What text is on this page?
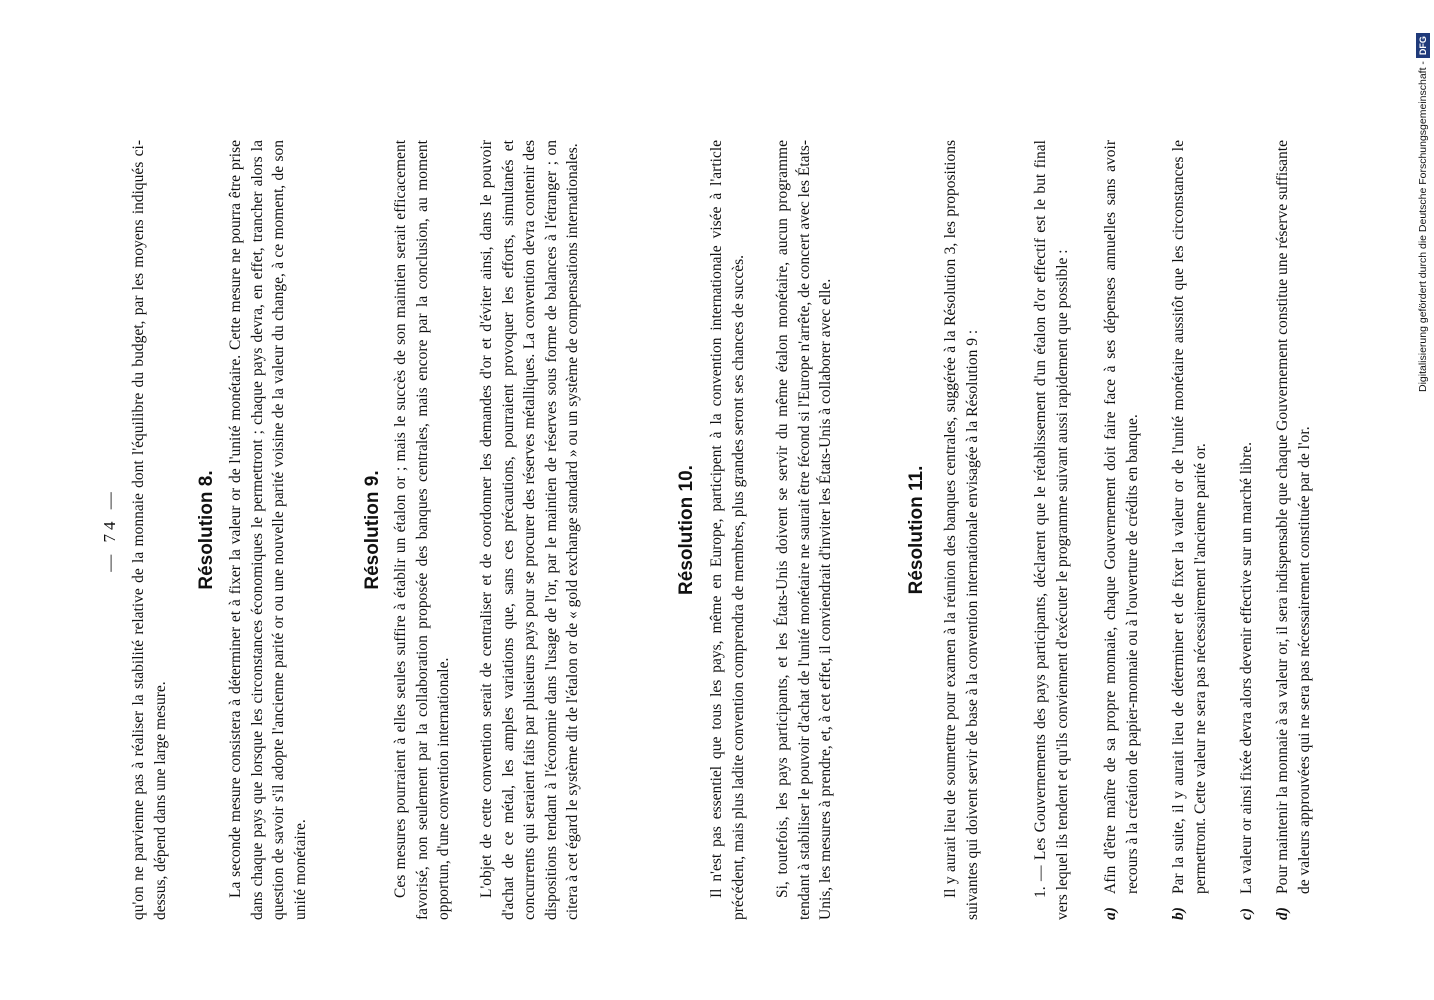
— 74 — qu'on ne parvienne pas à réaliser la stabilité relative de la monnaie dont l'équilibre du budget, par les moyens indiqués ci-dessus, dépend dans une large mesure.

Résolution 8. La seconde mesure consistera à déterminer et à fixer la valeur or de l'unité monétaire. Cette mesure ne pourra être prise dans chaque pays que lorsque les circonstances économiques le permettront ; chaque pays devra, en effet, trancher alors la question de savoir s'il adopte l'ancienne parité or ou une nouvelle parité voisine de la valeur du change, à ce moment, de son unité monétaire.

Résolution 9. Ces mesures pourraient à elles seules suffire à établir un étalon or ; mais le succès de son maintien serait efficacement favorisé, non seulement par la collaboration proposée des banques centrales, mais encore par la conclusion, au moment opportun, d'une convention internationale. L'objet de cette convention serait de centraliser et de coordonner les demandes d'or et d'éviter ainsi, dans le pouvoir d'achat de ce métal, les amples variations que, sans ces précautions, pourraient provoquer les efforts, simultanés et concurrents qui seraient faits par plusieurs pays pour se procurer des réserves métalliques. La convention devra contenir des dispositions tendant à l'économie dans l'usage de l'or, par le maintien de réserves sous forme de balances à l'étranger ; on citera à cet égard le système dit de l'étalon or de « gold exchange standard » ou un système de compensations internationales.	Résolution 10. Il n'est pas essentiel que tous les pays, même en Europe, participent à la convention internationale visée à l'article précédent, mais plus ladite convention comprendra de membres, plus grandes seront ses chances de succès. Si, toutefois, les pays participants, et les États-Unis doivent se servir du même étalon monétaire, aucun programme tendant à stabiliser le pouvoir d'achat de l'unité monétaire ne saurait être fécond si l'Europe n'arrête, de concert avec les États-Unis, les mesures à prendre, et, à cet effet, il conviendrait d'inviter les États-Unis à collaborer avec elle.	Résolution 11. Il y aurait lieu de soumettre pour examen à la réunion des banques centrales, suggérée à la Résolution 3, les propositions suivantes qui doivent servir de base à la convention internationale envisagée à la Résolution 9 :	1. — Les Gouvernements des pays participants, déclarent que le rétablissement d'un étalon d'or effectif est le but final vers lequel ils tendent et qu'ils conviennent d'exécuter le programme suivant aussi rapidement que possible : a)
Afin d'être maître de sa propre monnaie, chaque Gouvernement doit faire face à ses dépenses annuelles sans avoir recours à la création de papier-monnaie ou à l'ouverture de crédits en banque.
b)
Par la suite, il y aurait lieu de déterminer et de fixer la valeur or de l'unité monétaire aussitôt que les circonstances le permettront. Cette valeur ne sera pas nécessairement l'ancienne parité or.
c)
La valeur or ainsi fixée devra alors devenir effective sur un marché libre.
d)
Pour maintenir la monnaie à sa valeur or, il sera indispensable que chaque Gouvernement constitue une réserve suffisante de valeurs approuvées qui ne sera pas nécessairement constituée par de l'or.
Digitalisierung gefördert durch die Deutsche Forschungsgemeinschaft -
DFG
